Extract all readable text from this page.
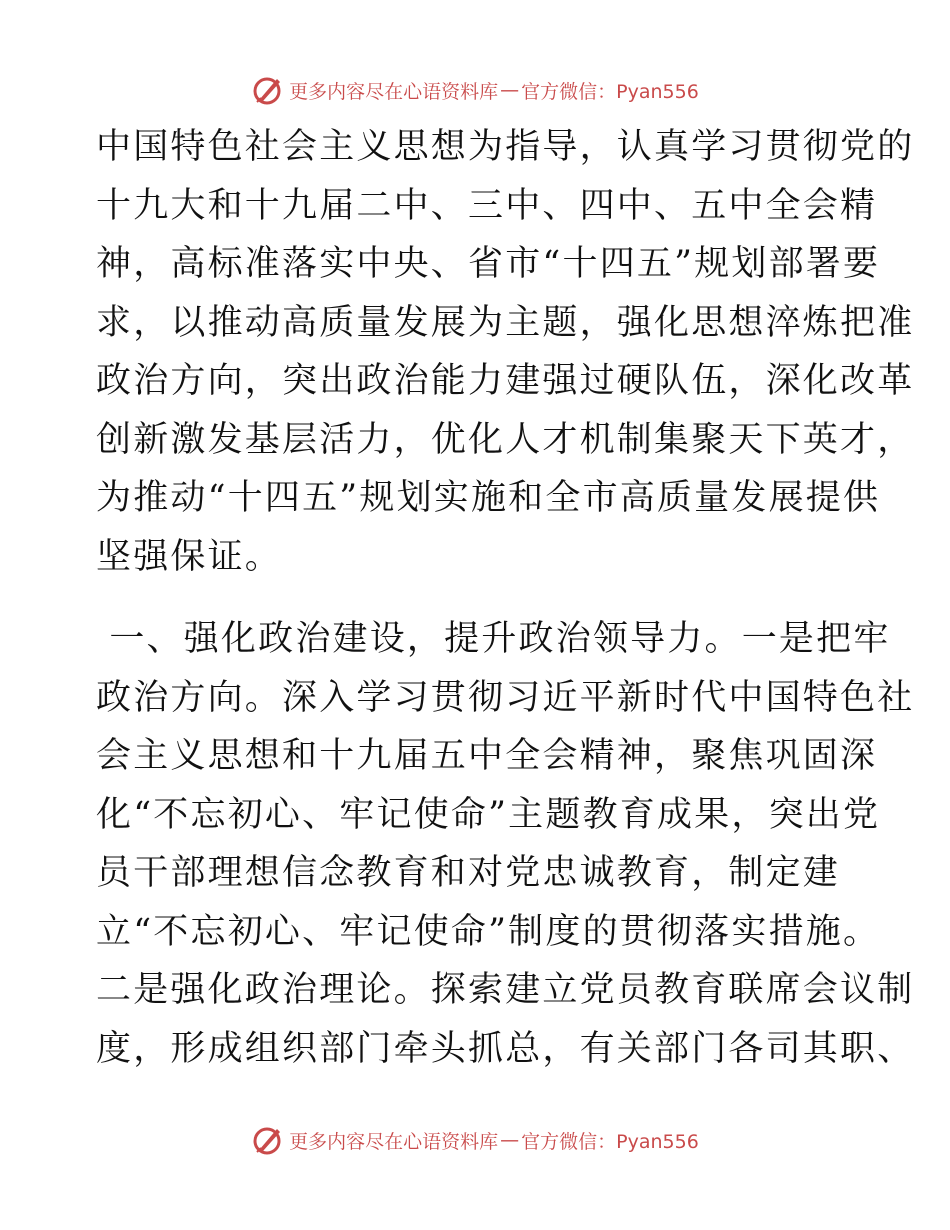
更多内容尽在心语资料库 — 官方微信：Pyan556
中国特色社会主义思想为指导，认真学习贯彻党的
十九大和十九届二中、三中、四中、五中全会精
神，高标准落实中央、省市“十四五”规划部署要
求，以推动高质量发展为主题，强化思想淬炼把准
政治方向，突出政治能力建强过硬队伍，深化改革
创新激发基层活力，优化人才机制集聚天下英才，
为推动“十四五”规划实施和全市高质量发展提供
坚强保证。
一、强化政治建设，提升政治领导力。一是把牢
政治方向。深入学习贯彻习近平新时代中国特色社
会主义思想和十九届五中全会精神，聚焦巩固深
化“不忘初心、牢记使命”主题教育成果，突出党
员干部理想信念教育和对党忠诚教育，制定建
立“不忘初心、牢记使命”制度的贯彻落实措施。
二是强化政治理论。探索建立党员教育联席会议制
度，形成组织部门牵头抓总，有关部门各司其职、
更多内容尽在心语资料库 — 官方微信：Pyan556
